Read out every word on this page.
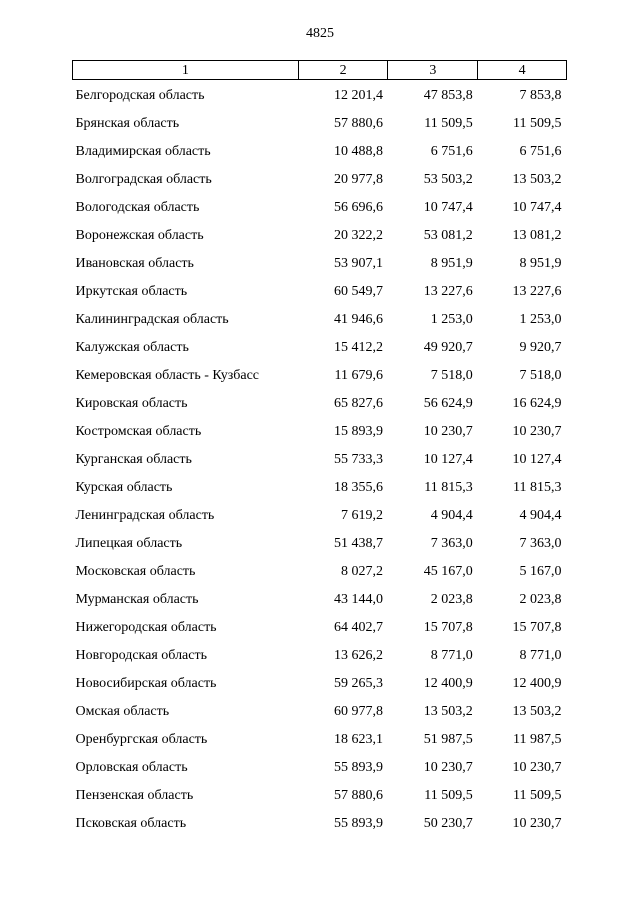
4825
1	2	3	4
Белгородская область	12 201,4	47 853,8	7 853,8
Брянская область	57 880,6	11 509,5	11 509,5
Владимирская область	10 488,8	6 751,6	6 751,6
Волгоградская область	20 977,8	53 503,2	13 503,2
Вологодская область	56 696,6	10 747,4	10 747,4
Воронежская область	20 322,2	53 081,2	13 081,2
Ивановская область	53 907,1	8 951,9	8 951,9
Иркутская область	60 549,7	13 227,6	13 227,6
Калининградская область	41 946,6	1 253,0	1 253,0
Калужская область	15 412,2	49 920,7	9 920,7
Кемеровская область - Кузбасс	11 679,6	7 518,0	7 518,0
Кировская область	65 827,6	56 624,9	16 624,9
Костромская область	15 893,9	10 230,7	10 230,7
Курганская область	55 733,3	10 127,4	10 127,4
Курская область	18 355,6	11 815,3	11 815,3
Ленинградская область	7 619,2	4 904,4	4 904,4
Липецкая область	51 438,7	7 363,0	7 363,0
Московская область	8 027,2	45 167,0	5 167,0
Мурманская область	43 144,0	2 023,8	2 023,8
Нижегородская область	64 402,7	15 707,8	15 707,8
Новгородская область	13 626,2	8 771,0	8 771,0
Новосибирская область	59 265,3	12 400,9	12 400,9
Омская область	60 977,8	13 503,2	13 503,2
Оренбургская область	18 623,1	51 987,5	11 987,5
Орловская область	55 893,9	10 230,7	10 230,7
Пензенская область	57 880,6	11 509,5	11 509,5
Псковская область	55 893,9	50 230,7	10 230,7
